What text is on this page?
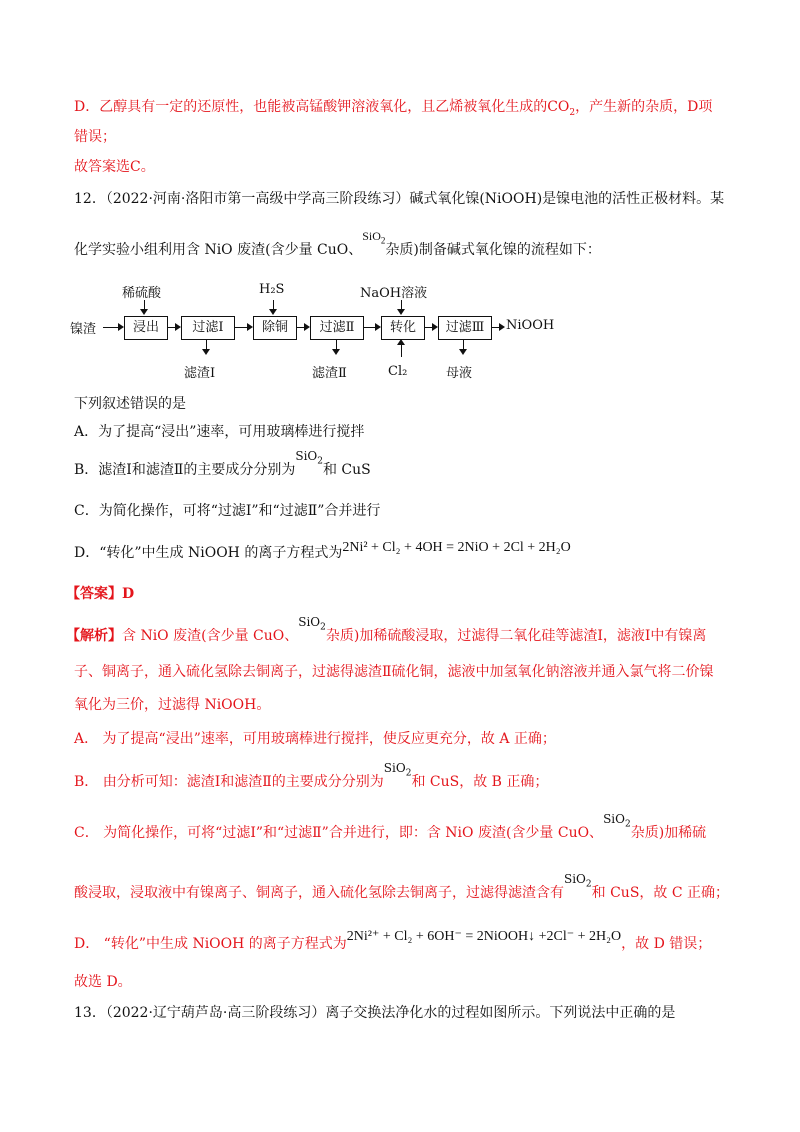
D．乙醇具有一定的还原性，也能被高锰酸钾溶液氧化，且乙烯被氧化生成的$CO_2$，产生新的杂质，D项
错误；
故答案选C。
12．（2022·河南·洛阳市第一高级中学高三阶段练习）碱式氧化镍(NiOOH)是镍电池的活性正极材料。某
化学实验小组利用含 NiO 废渣(含少量 CuO、SiO$_2$杂质)制备碱式氧化镍的流程如下：
镍渣	浸出	过滤Ⅰ	除铜	过滤Ⅱ	转化	过滤Ⅲ	NiOOH
稀硫酸	H₂S	NaOH溶液
滤渣Ⅰ	滤渣Ⅱ	Cl₂	母液
下列叙述错误的是
A．为了提高“浸出”速率，可用玻璃棒进行搅拌
B．滤渣Ⅰ和滤渣Ⅱ的主要成分分别为SiO$_2$和 CuS
C．为简化操作，可将“过滤Ⅰ”和“过滤Ⅱ”合并进行
D．“转化”中生成 NiOOH 的离子方程式为2Ni² + Cl₂ + 4OH = 2NiO + 2Cl + 2H₂O
【答案】D
【解析】含 NiO 废渣(含少量 CuO、SiO$_2$杂质)加稀硫酸浸取，过滤得二氧化硅等滤渣Ⅰ，滤液Ⅰ中有镍离
子、铜离子，通入硫化氢除去铜离子，过滤得滤渣Ⅱ硫化铜，滤液中加氢氧化钠溶液并通入氯气将二价镍
氧化为三价，过滤得 NiOOH。
A． 为了提高“浸出”速率，可用玻璃棒进行搅拌，使反应更充分，故 A 正确；
B． 由分析可知：滤渣Ⅰ和滤渣Ⅱ的主要成分分别为SiO$_2$和 CuS，故 B 正确；
C． 为简化操作，可将“过滤Ⅰ”和“过滤Ⅱ”合并进行，即：含 NiO 废渣(含少量 CuO、SiO$_2$杂质)加稀硫
酸浸取，浸取液中有镍离子、铜离子，通入硫化氢除去铜离子，过滤得滤渣含有SiO$_2$和 CuS，故 C 正确；
D． “转化”中生成 NiOOH 的离子方程式为2Ni²⁺ + Cl₂ + 6OH⁻ = 2NiOOH↓ +2Cl⁻ + 2H₂O，故 D 错误；
故选 D。
13．（2022·辽宁葫芦岛·高三阶段练习）离子交换法净化水的过程如图所示。下列说法中正确的是
